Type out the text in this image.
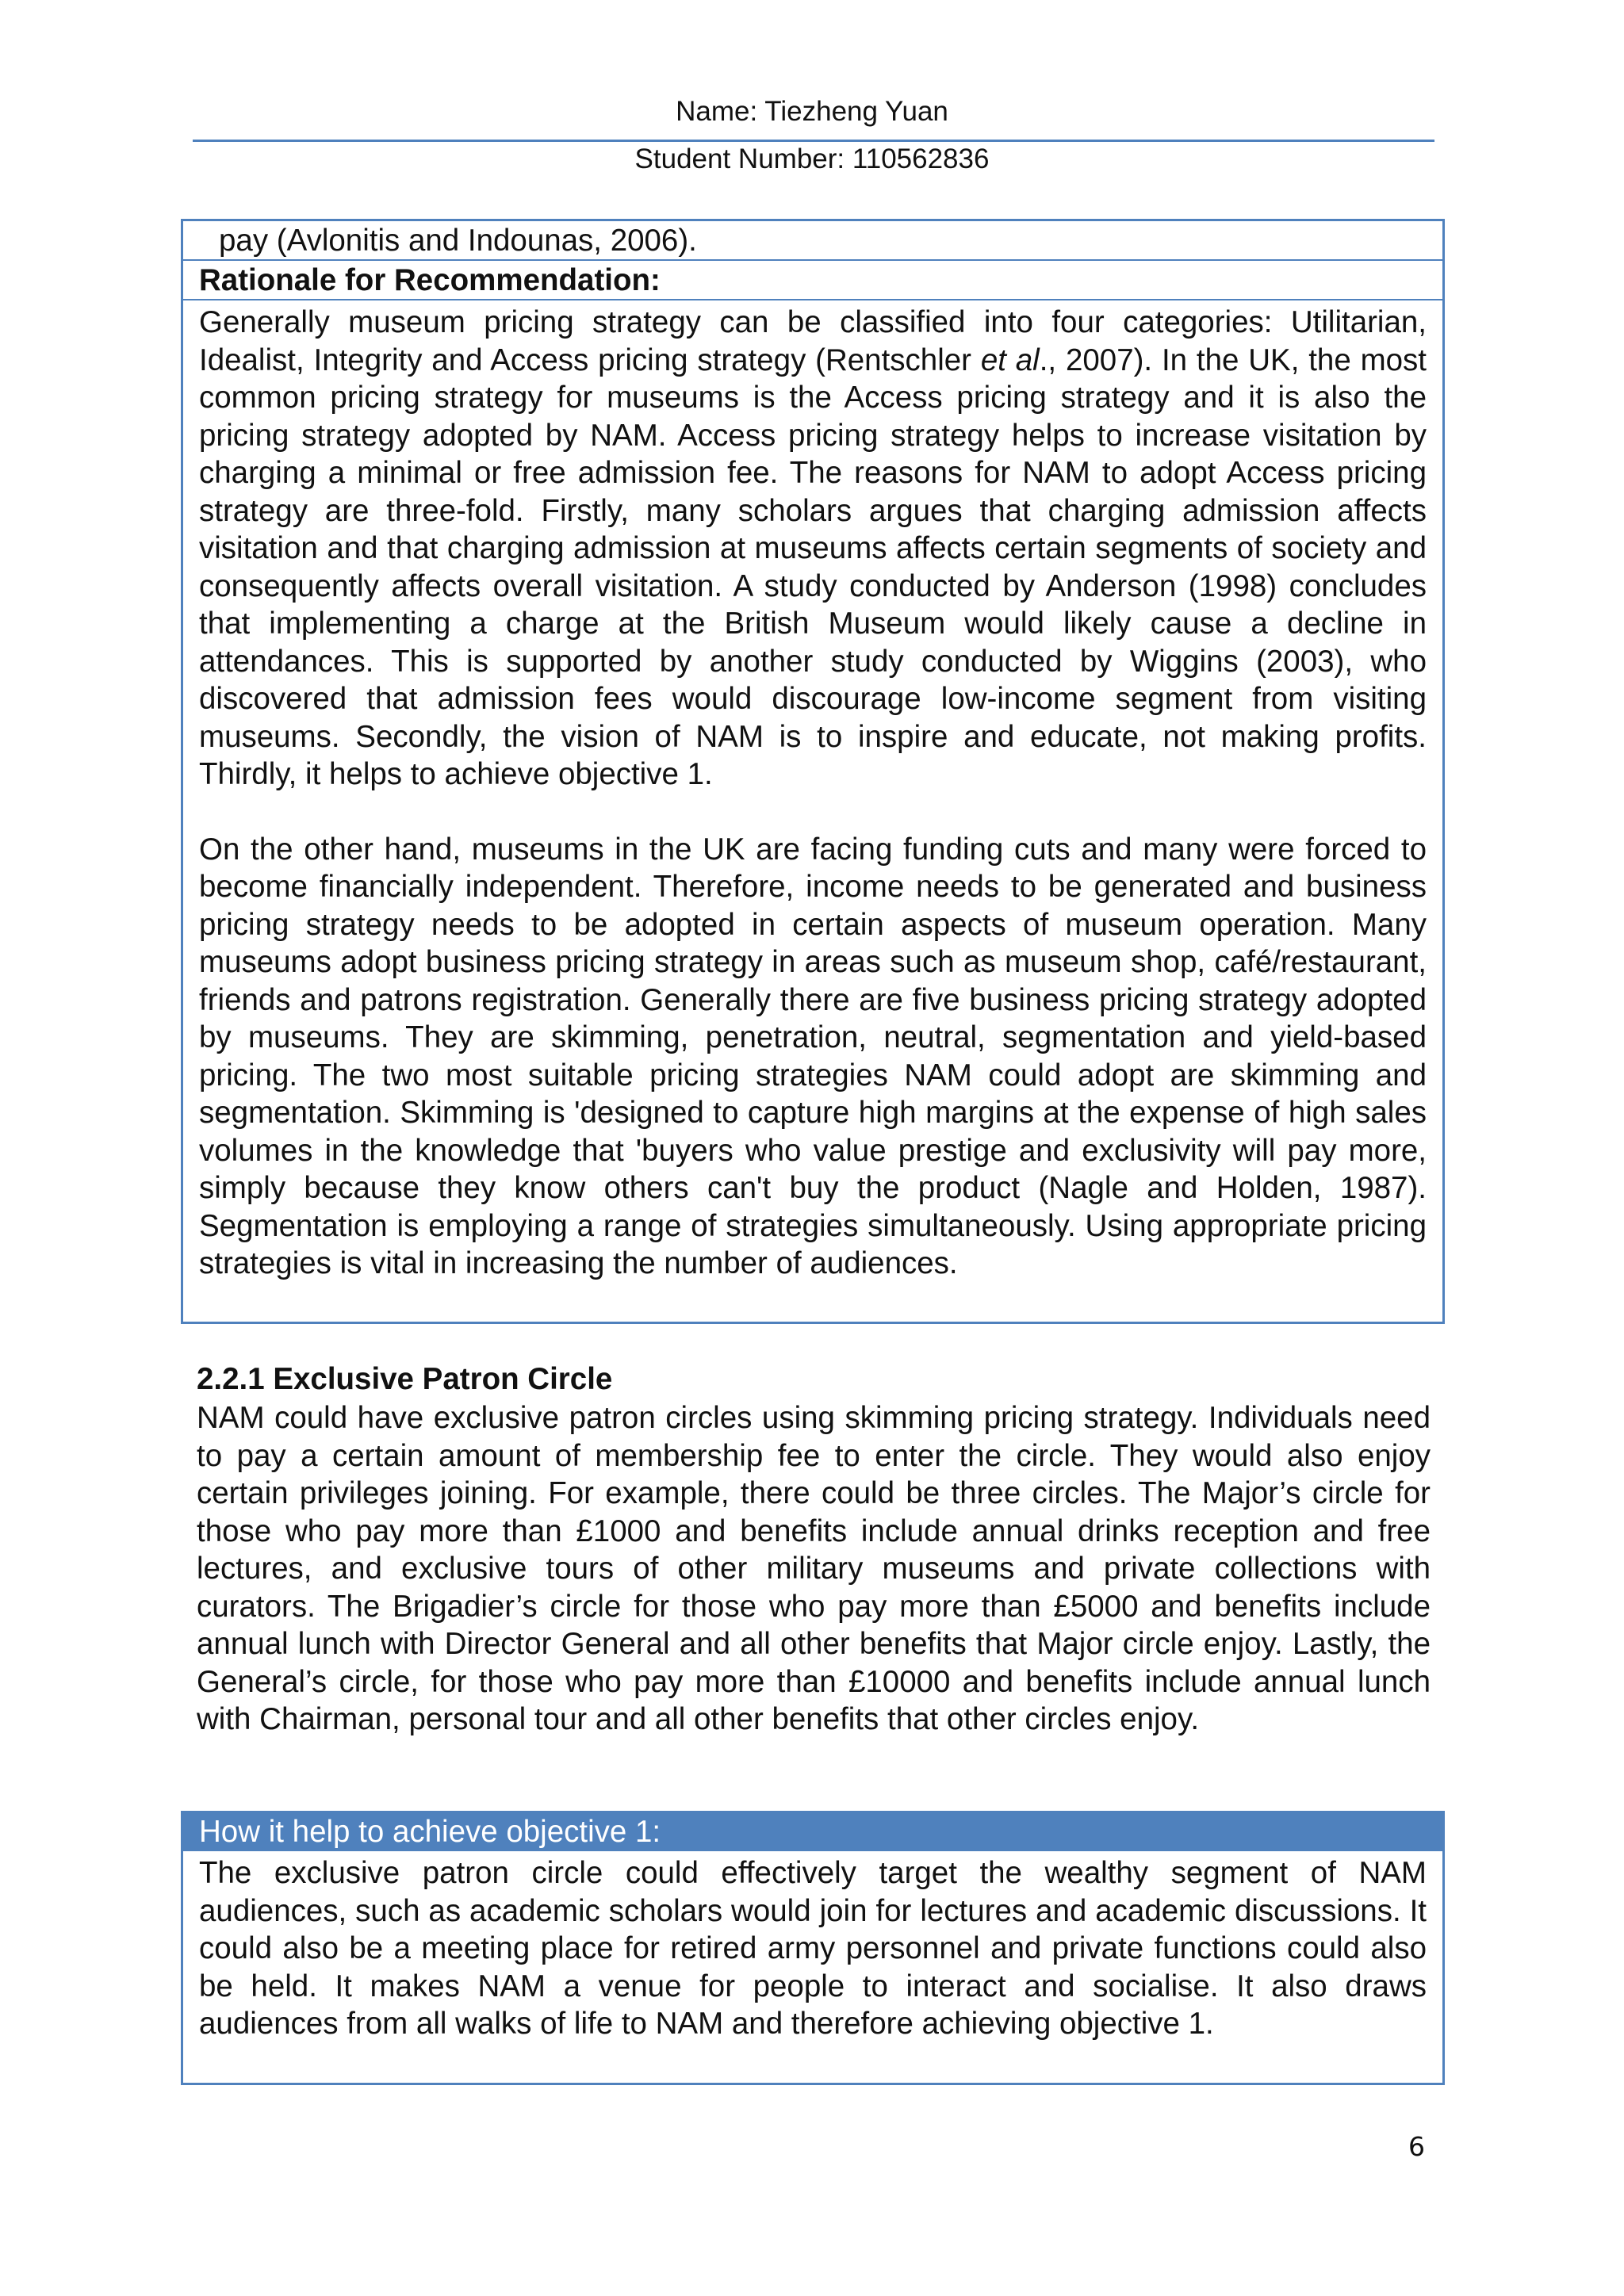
Name: Tiezheng Yuan
Student Number: 110562836
pay (Avlonitis and Indounas, 2006).
Rationale for Recommendation:

Generally museum pricing strategy can be classified into four categories: Utilitarian, Idealist, Integrity and Access pricing strategy (Rentschler et al., 2007). In the UK, the most common pricing strategy for museums is the Access pricing strategy and it is also the pricing strategy adopted by NAM. Access pricing strategy helps to increase visitation by charging a minimal or free admission fee. The reasons for NAM to adopt Access pricing strategy are three-fold. Firstly, many scholars argues that charging admission affects visitation and that charging admission at museums affects certain segments of society and consequently affects overall visitation. A study conducted by Anderson (1998) concludes that implementing a charge at the British Museum would likely cause a decline in attendances. This is supported by another study conducted by Wiggins (2003), who discovered that admission fees would discourage low-income segment from visiting museums. Secondly, the vision of NAM is to inspire and educate, not making profits. Thirdly, it helps to achieve objective 1.

On the other hand, museums in the UK are facing funding cuts and many were forced to become financially independent. Therefore, income needs to be generated and business pricing strategy needs to be adopted in certain aspects of museum operation. Many museums adopt business pricing strategy in areas such as museum shop, café/restaurant, friends and patrons registration. Generally there are five business pricing strategy adopted by museums. They are skimming, penetration, neutral, segmentation and yield-based pricing. The two most suitable pricing strategies NAM could adopt are skimming and segmentation. Skimming is 'designed to capture high margins at the expense of high sales volumes in the knowledge that 'buyers who value prestige and exclusivity will pay more, simply because they know others can't buy the product (Nagle and Holden, 1987). Segmentation is employing a range of strategies simultaneously. Using appropriate pricing strategies is vital in increasing the number of audiences.

2.2.1 Exclusive Patron Circle

NAM could have exclusive patron circles using skimming pricing strategy. Individuals need to pay a certain amount of membership fee to enter the circle. They would also enjoy certain privileges joining. For example, there could be three circles. The Major’s circle for those who pay more than £1000 and benefits include annual drinks reception and free lectures, and exclusive tours of other military museums and private collections with curators. The Brigadier’s circle for those who pay more than £5000 and benefits include annual lunch with Director General and all other benefits that Major circle enjoy. Lastly, the General’s circle, for those who pay more than £10000 and benefits include annual lunch with Chairman, personal tour and all other benefits that other circles enjoy.

How it help to achieve objective 1:

The exclusive patron circle could effectively target the wealthy segment of NAM audiences, such as academic scholars would join for lectures and academic discussions. It could also be a meeting place for retired army personnel and private functions could also be held. It makes NAM a venue for people to interact and socialise. It also draws audiences from all walks of life to NAM and therefore achieving objective 1.

6
